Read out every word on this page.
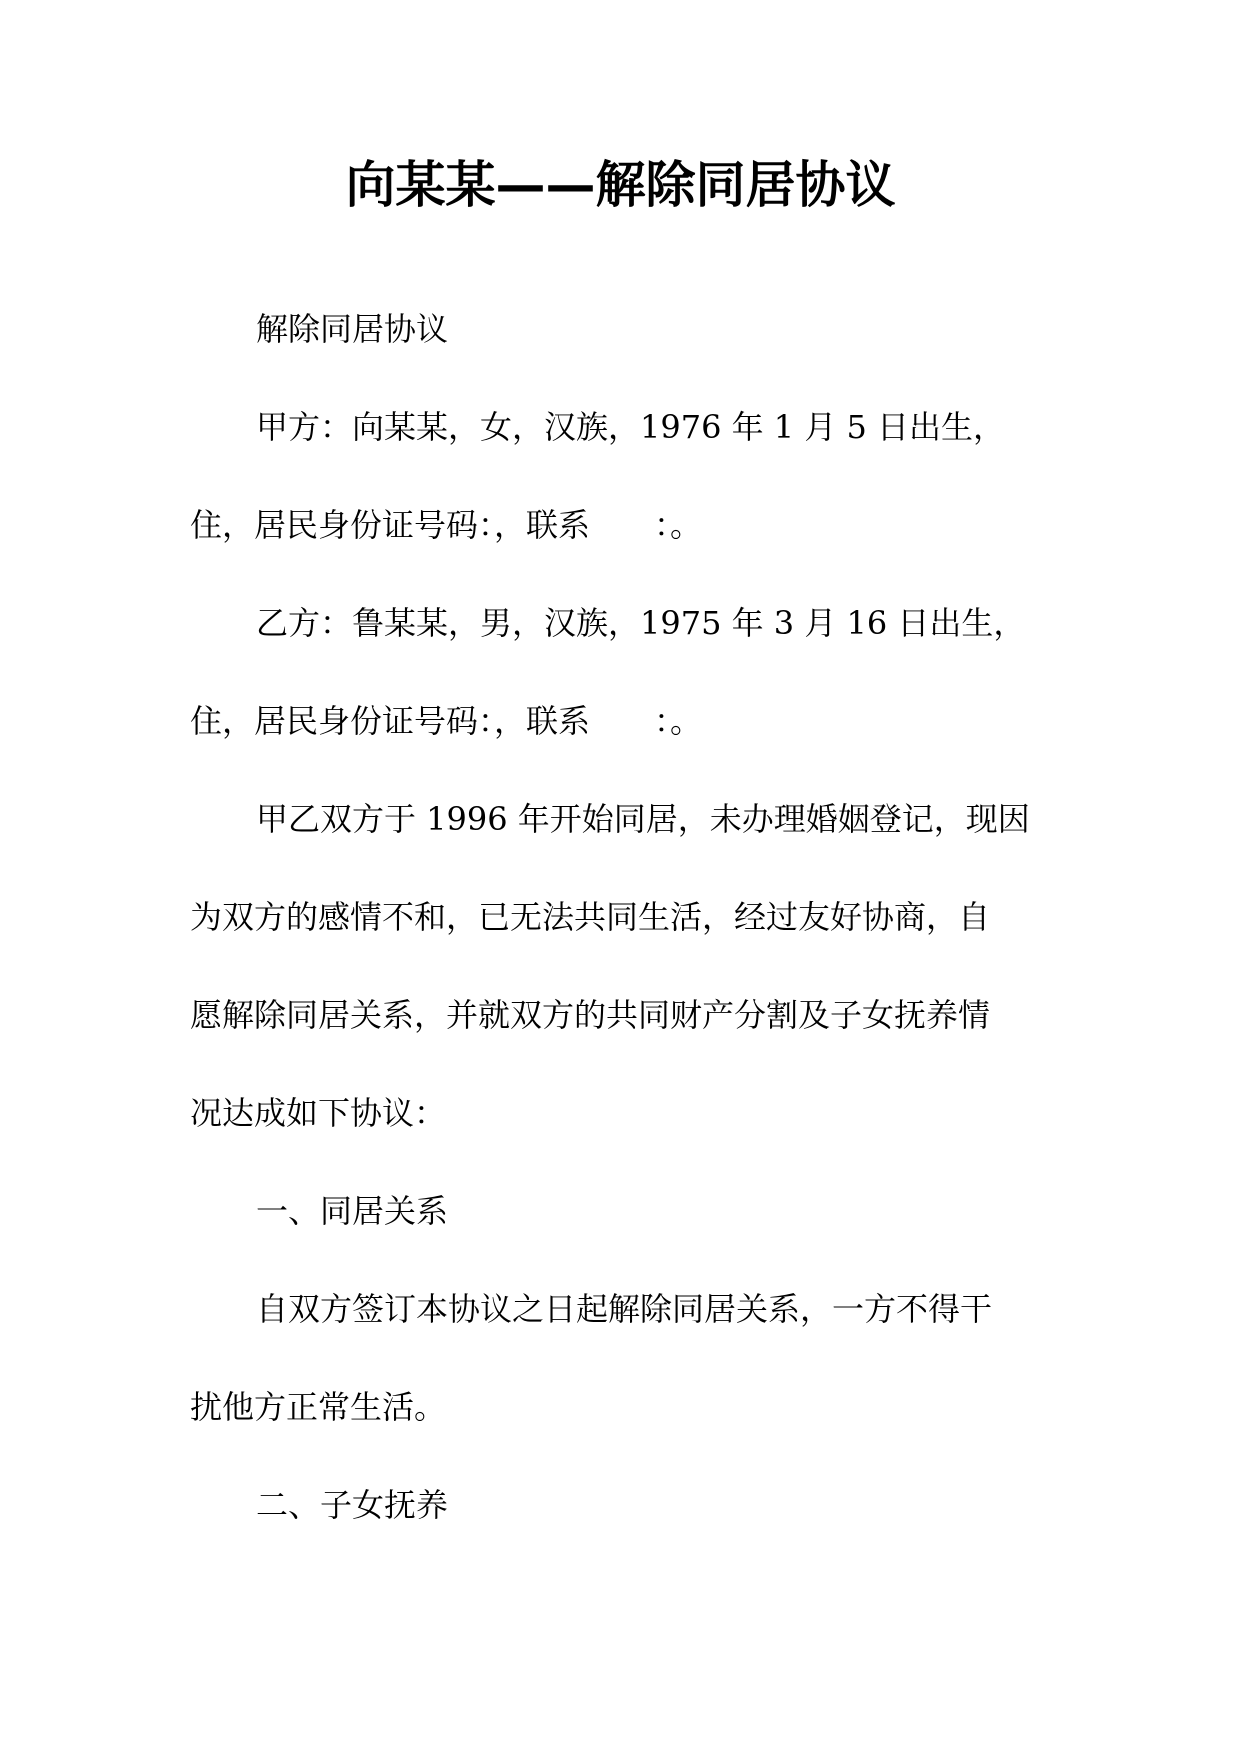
向某某——解除同居协议

解除同居协议

甲方：向某某，女，汉族，1976 年 1 月 5 日出生，

住，居民身份证号码：，联系　　：。

乙方：鲁某某，男，汉族，1975 年 3 月 16 日出生，

住，居民身份证号码：，联系　　：。

甲乙双方于 1996 年开始同居，未办理婚姻登记，现因

为双方的感情不和，已无法共同生活，经过友好协商，自

愿解除同居关系，并就双方的共同财产分割及子女抚养情

况达成如下协议：

一、同居关系

自双方签订本协议之日起解除同居关系，一方不得干

扰他方正常生活。

二、子女抚养
